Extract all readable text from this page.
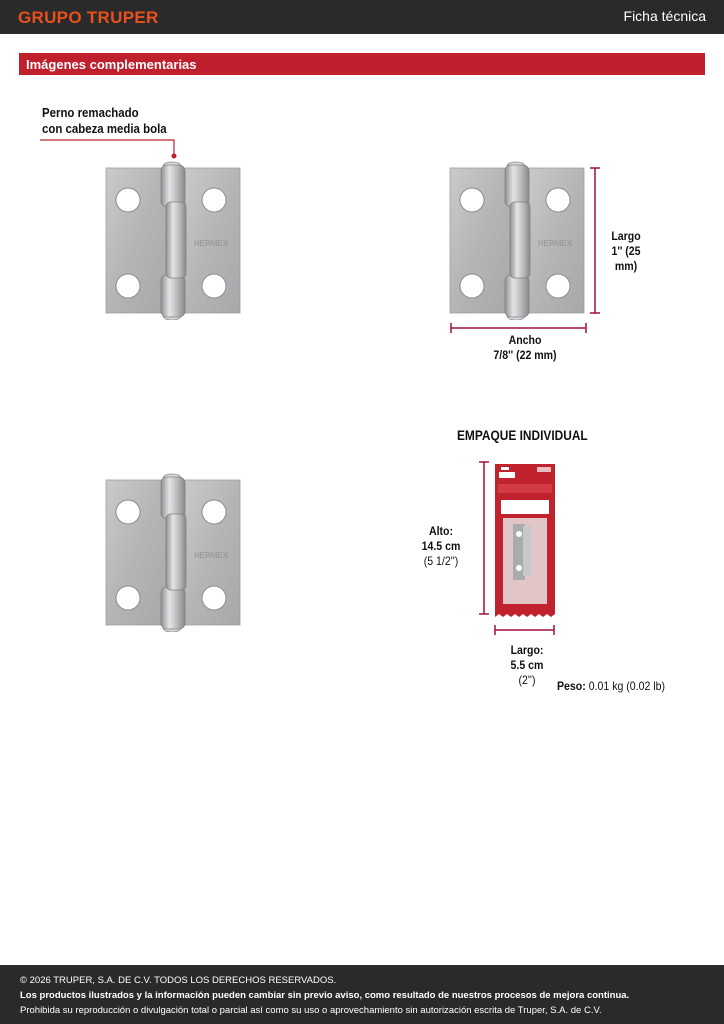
GRUPO TRUPER	Ficha técnica
Imágenes complementarias
Perno remachado
con cabeza media bola
HERMEX	HERMEX
HERMEX
Largo
1'' (25 mm)
Ancho
7/8'' (22 mm)
EMPAQUE INDIVIDUAL
Alto:
14.5 cm
(5 1/2'')
Largo:
5.5 cm
(2'')	Peso: 0.01 kg (0.02 lb)
© 2026 TRUPER, S.A. DE C.V. TODOS LOS DERECHOS RESERVADOS.
Los productos ilustrados y la información pueden cambiar sin previo aviso, como resultado de nuestros procesos de mejora continua.
Prohibida su reproducción o divulgación total o parcial así como su uso o aprovechamiento sin autorización escrita de Truper, S.A. de C.V.
